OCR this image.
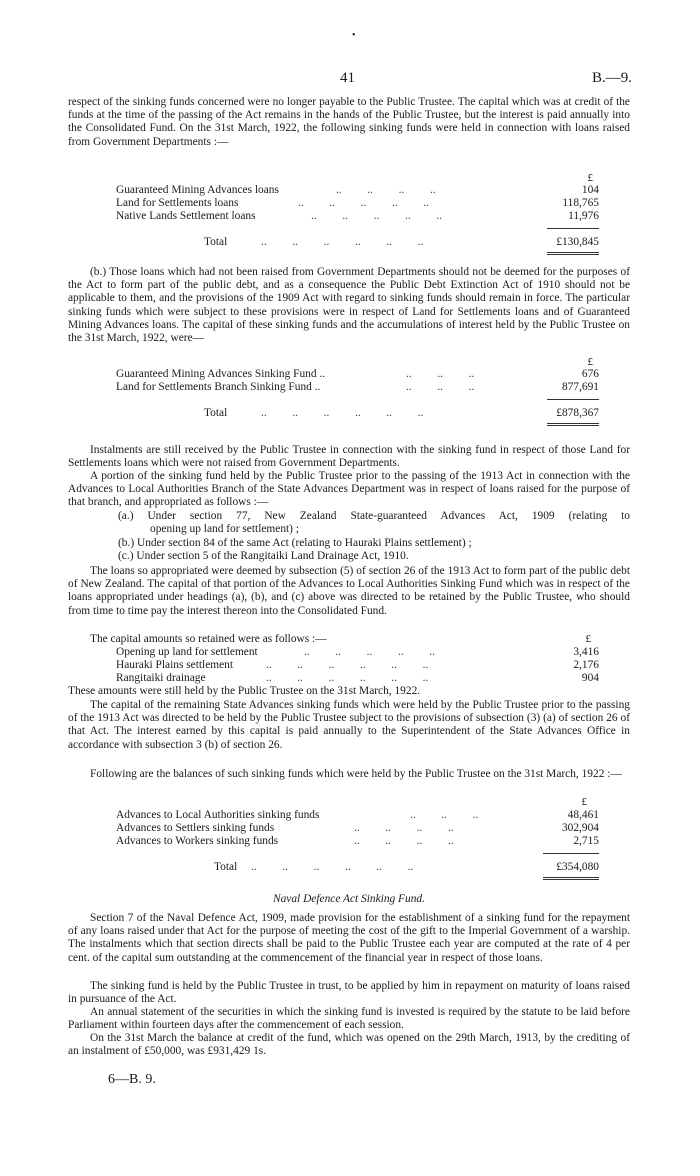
•
41	B.—9.
respect of the sinking funds concerned were no longer payable to the Public Trustee. The capital which was at credit of the funds at the time of the passing of the Act remains in the hands of the Public Trustee, but the interest is paid annually into the Consolidated Fund. On the 31st March, 1922, the following sinking funds were held in connection with loans raised from Government Departments :—
£
Guaranteed Mining Advances loans	..         ..         ..         ..	104
Land for Settlements loans	..         ..         ..         ..         ..	118,765
Native Lands Settlement loans	..         ..         ..         ..         ..	11,976
Total	..         ..         ..         ..         ..         ..	£130,845
(b.) Those loans which had not been raised from Government Departments should not be deemed for the purposes of the Act to form part of the public debt, and as a consequence the Public Debt Extinction Act of 1910 should not be applicable to them, and the provisions of the 1909 Act with regard to sinking funds should remain in force. The particular sinking funds which were subject to these provisions were in respect of Land for Settlements loans and of Guaranteed Mining Advances loans. The capital of these sinking funds and the accumulations of interest held by the Public Trustee on the 31st March, 1922, were—
£
Guaranteed Mining Advances Sinking Fund ..	..         ..         ..	676
Land for Settlements Branch Sinking Fund ..	..         ..         ..	877,691
Total	..         ..         ..         ..         ..         ..	£878,367
Instalments are still received by the Public Trustee in connection with the sinking fund in respect of those Land for Settlements loans which were not raised from Government Departments.
A portion of the sinking fund held by the Public Trustee prior to the passing of the 1913 Act in connection with the Advances to Local Authorities Branch of the State Advances Department was in respect of loans raised for the purpose of that branch, and appropriated as follows :—
(a.) Under section 77, New Zealand State-guaranteed Advances Act, 1909 (relating to
opening up land for settlement) ;
(b.) Under section 84 of the same Act (relating to Hauraki Plains settlement) ;
(c.) Under section 5 of the Rangitaiki Land Drainage Act, 1910.
The loans so appropriated were deemed by subsection (5) of section 26 of the 1913 Act to form part of the public debt of New Zealand. The capital of that portion of the Advances to Local Authorities Sinking Fund which was in respect of the loans appropriated under headings (a), (b), and (c) above was directed to be retained by the Public Trustee, who should from time to time pay the interest thereon into the Consolidated Fund.
The capital amounts so retained were as follows :—	£
Opening up land for settlement	..         ..         ..         ..         ..	3,416
Hauraki Plains settlement	..         ..         ..         ..         ..         ..	2,176
Rangitaiki drainage	..         ..         ..         ..         ..         ..	904
These amounts were still held by the Public Trustee on the 31st March, 1922.
The capital of the remaining State Advances sinking funds which were held by the Public Trustee prior to the passing of the 1913 Act was directed to be held by the Public Trustee subject to the provisions of subsection (3) (a) of section 26 of that Act. The interest earned by this capital is paid annually to the Superintendent of the State Advances Office in accordance with subsection 3 (b) of section 26.
Following are the balances of such sinking funds which were held by the Public Trustee on the 31st March, 1922 :—
£
Advances to Local Authorities sinking funds	..         ..         ..	48,461
Advances to Settlers sinking funds	..         ..         ..         ..	302,904
Advances to Workers sinking funds	..         ..         ..         ..	2,715
Total ..         ..         ..         ..         ..         ..	£354,080
Naval Defence Act Sinking Fund.
Section 7 of the Naval Defence Act, 1909, made provision for the establishment of a sinking fund for the repayment of any loans raised under that Act for the purpose of meeting the cost of the gift to the Imperial Government of a warship. The instalments which that section directs shall be paid to the Public Trustee each year are computed at the rate of 4 per cent. of the capital sum outstanding at the commencement of the financial year in respect of those loans.
The sinking fund is held by the Public Trustee in trust, to be applied by him in repayment on maturity of loans raised in pursuance of the Act.
An annual statement of the securities in which the sinking fund is invested is required by the statute to be laid before Parliament within fourteen days after the commencement of each session.
On the 31st March the balance at credit of the fund, which was opened on the 29th March, 1913, by the crediting of an instalment of £50,000, was £931,429 1s.
6—B. 9.
